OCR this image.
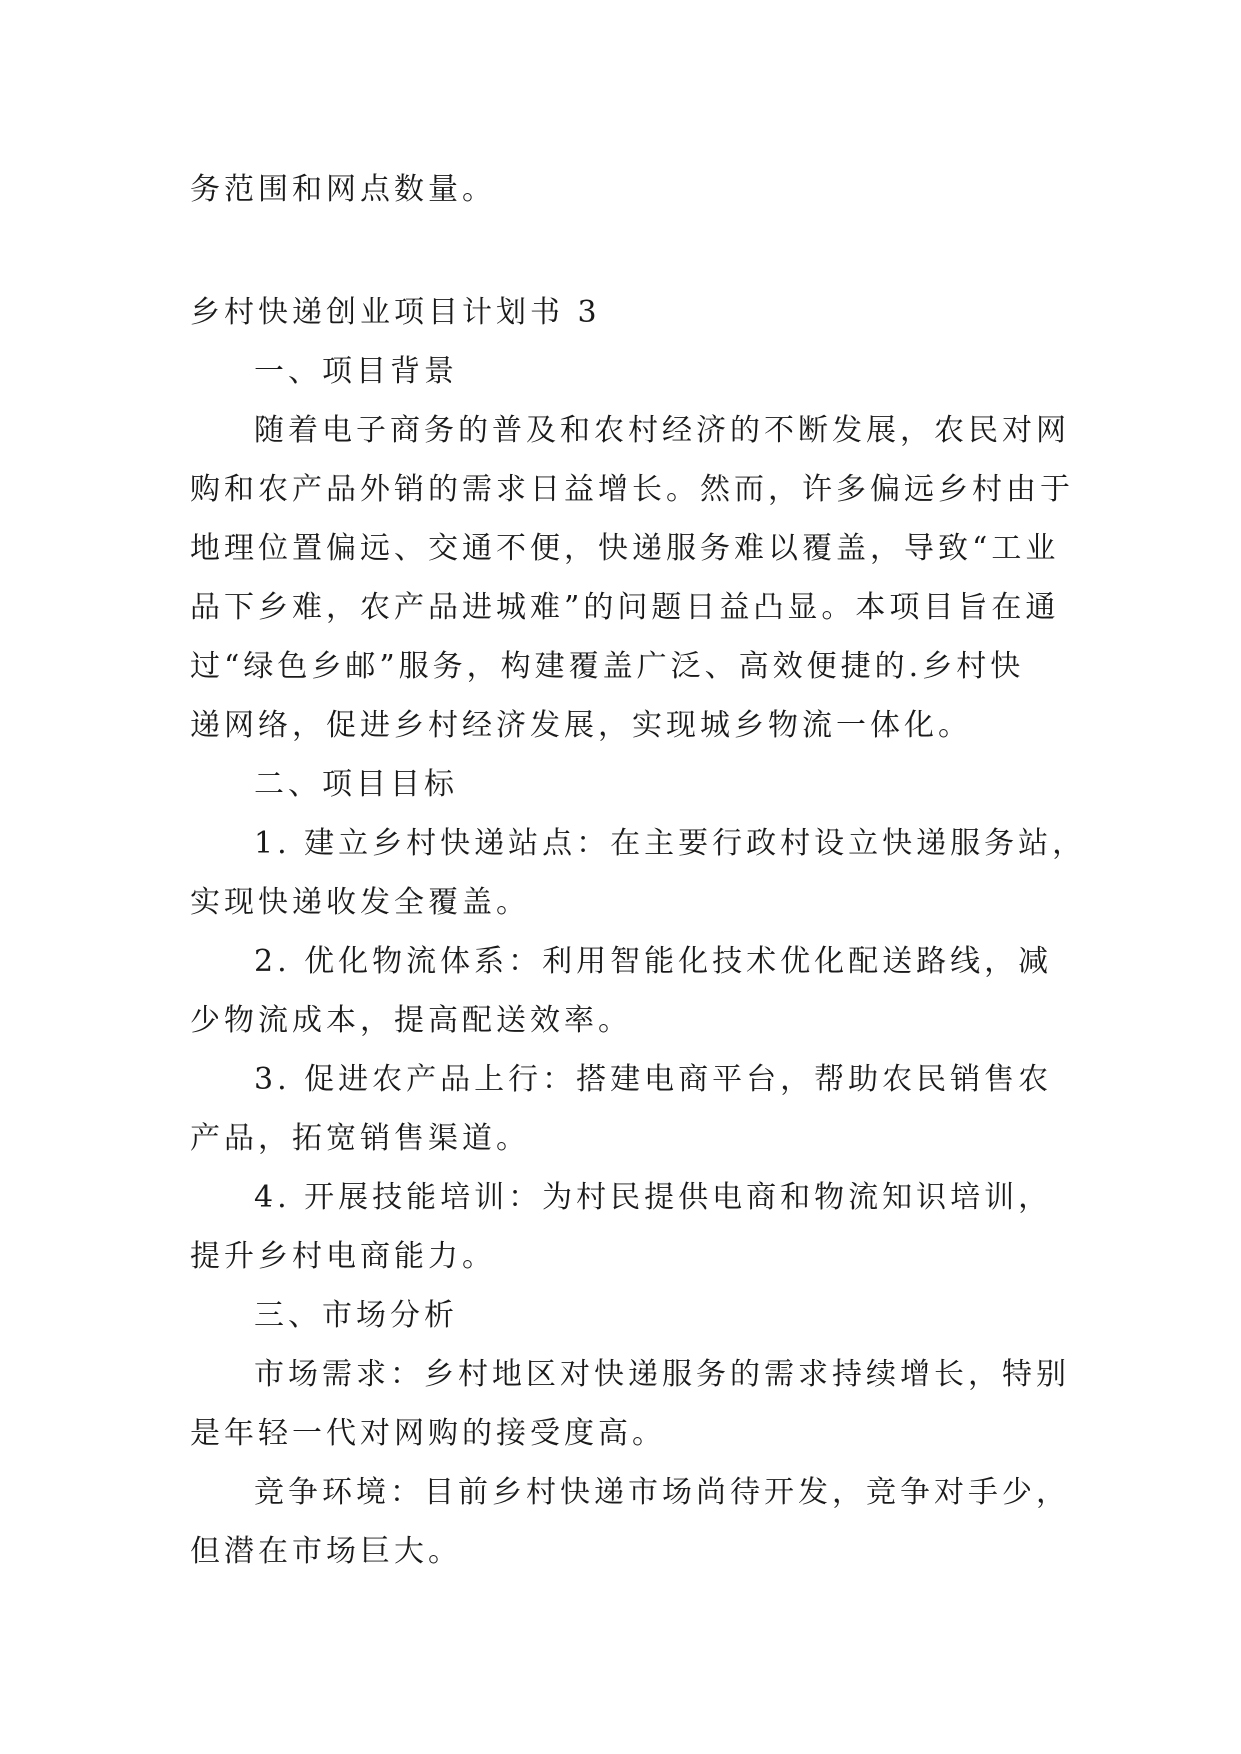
务范围和网点数量。
乡村快递创业项目计划书 3
一、项目背景
随着电子商务的普及和农村经济的不断发展，农民对网
购和农产品外销的需求日益增长。然而，许多偏远乡村由于
地理位置偏远、交通不便，快递服务难以覆盖，导致“工业
品下乡难，农产品进城难”的问题日益凸显。本项目旨在通
过“绿色乡邮”服务，构建覆盖广泛、高效便捷的.乡村快
递网络，促进乡村经济发展，实现城乡物流一体化。
二、项目目标
1. 建立乡村快递站点：在主要行政村设立快递服务站，
实现快递收发全覆盖。
2. 优化物流体系：利用智能化技术优化配送路线，减
少物流成本，提高配送效率。
3. 促进农产品上行：搭建电商平台，帮助农民销售农
产品，拓宽销售渠道。
4. 开展技能培训：为村民提供电商和物流知识培训，
提升乡村电商能力。
三、市场分析
市场需求：乡村地区对快递服务的需求持续增长，特别
是年轻一代对网购的接受度高。
竞争环境：目前乡村快递市场尚待开发，竞争对手少，
但潜在市场巨大。
